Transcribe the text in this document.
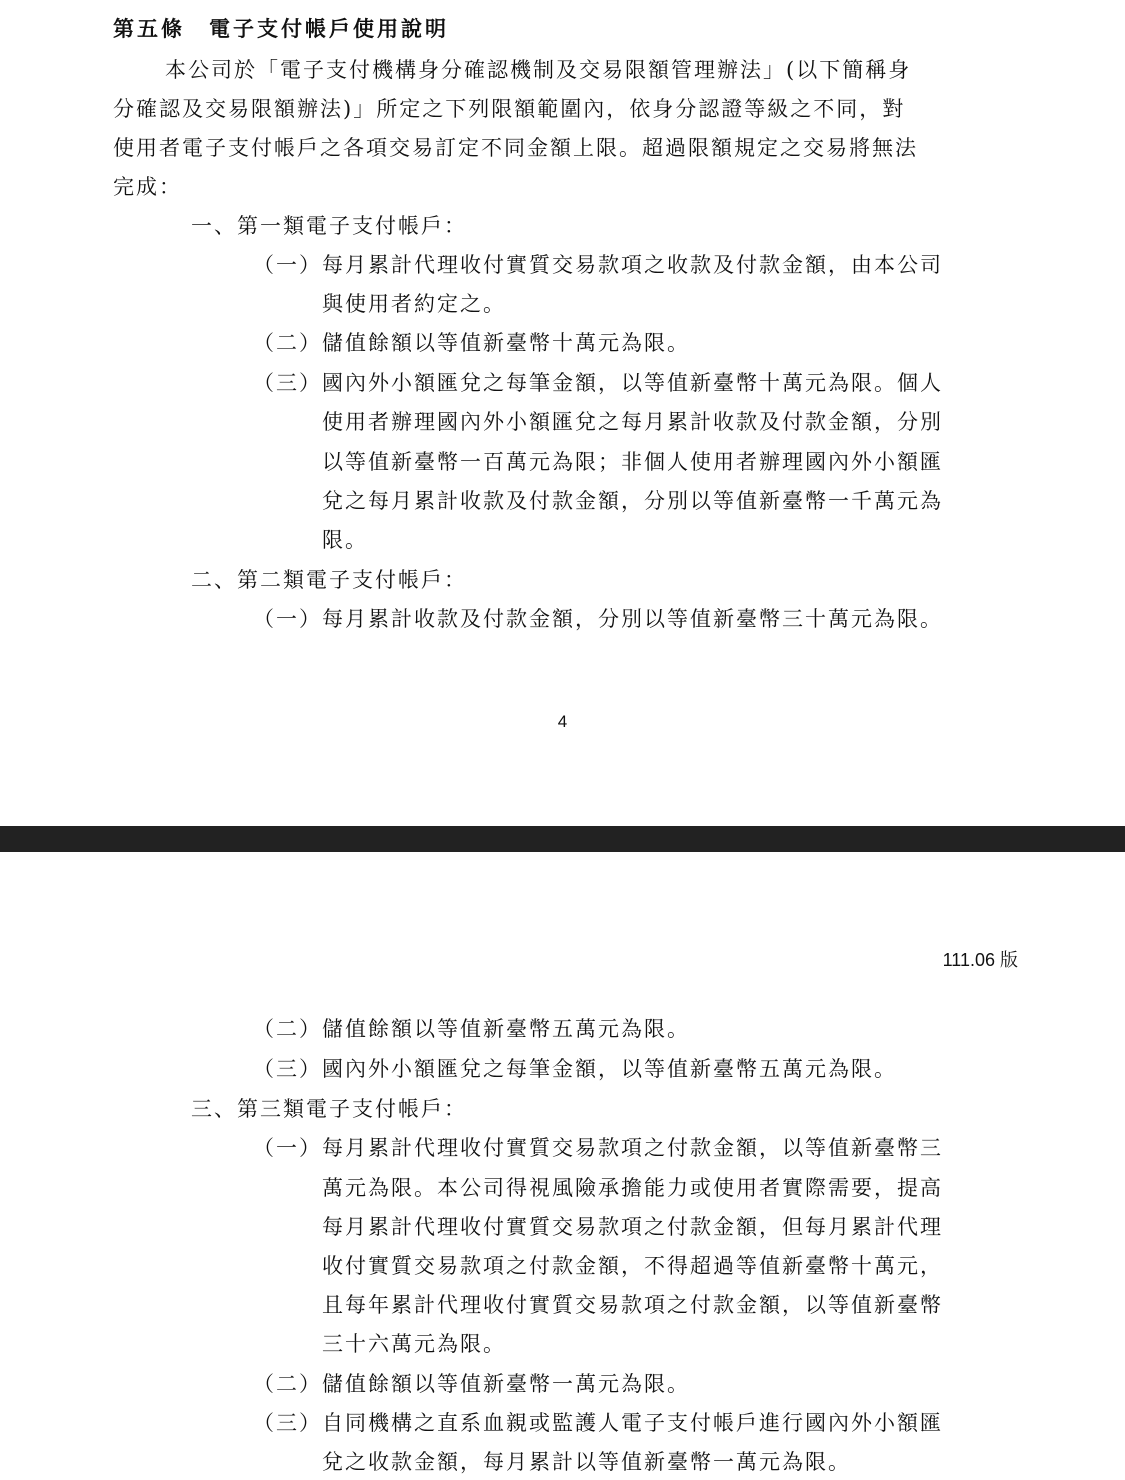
第五條　電子支付帳戶使用說明
本公司於「電子支付機構身分確認機制及交易限額管理辦法」(以下簡稱身
分確認及交易限額辦法)」所定之下列限額範圍內，依身分認證等級之不同，對
使用者電子支付帳戶之各項交易訂定不同金額上限。超過限額規定之交易將無法
完成：
一、第一類電子支付帳戶：
（一）每月累計代理收付實質交易款項之收款及付款金額，由本公司
與使用者約定之。
（二）儲值餘額以等值新臺幣十萬元為限。
（三）國內外小額匯兌之每筆金額，以等值新臺幣十萬元為限。個人
使用者辦理國內外小額匯兌之每月累計收款及付款金額，分別
以等值新臺幣一百萬元為限；非個人使用者辦理國內外小額匯
兌之每月累計收款及付款金額，分別以等值新臺幣一千萬元為
限。
二、第二類電子支付帳戶：
（一）每月累計收款及付款金額，分別以等值新臺幣三十萬元為限。
4
111.06 版
（二）儲值餘額以等值新臺幣五萬元為限。
（三）國內外小額匯兌之每筆金額，以等值新臺幣五萬元為限。
三、第三類電子支付帳戶：
（一）每月累計代理收付實質交易款項之付款金額，以等值新臺幣三
萬元為限。本公司得視風險承擔能力或使用者實際需要，提高
每月累計代理收付實質交易款項之付款金額，但每月累計代理
收付實質交易款項之付款金額，不得超過等值新臺幣十萬元，
且每年累計代理收付實質交易款項之付款金額，以等值新臺幣
三十六萬元為限。
（二）儲值餘額以等值新臺幣一萬元為限。
（三）自同機構之直系血親或監護人電子支付帳戶進行國內外小額匯
兌之收款金額，每月累計以等值新臺幣一萬元為限。
